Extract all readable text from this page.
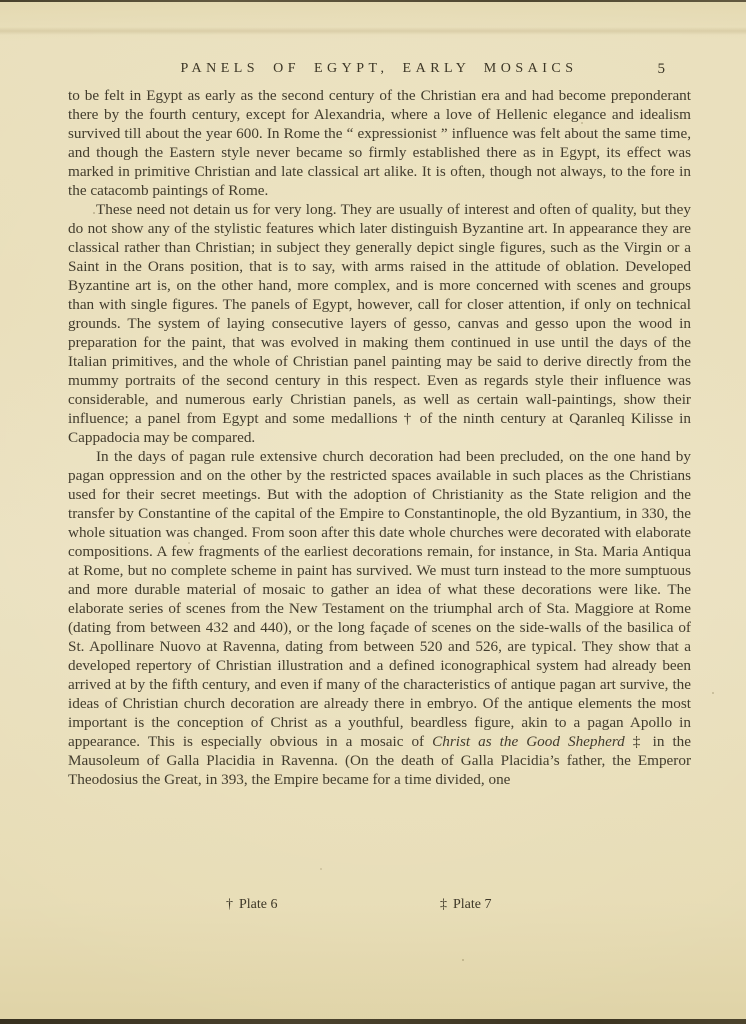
PANELS OF EGYPT, EARLY MOSAICS	5

to be felt in Egypt as early as the second century of the Christian era and had become preponderant there by the fourth century, except for Alexandria, where a love of Hellenic elegance and idealism survived till about the year 600. In Rome the “ expressionist ” influence was felt about the same time, and though the Eastern style never became so firmly established there as in Egypt, its effect was marked in primitive Christian and late classical art alike. It is often, though not always, to the fore in the catacomb paintings of Rome.

These need not detain us for very long. They are usually of interest and often of quality, but they do not show any of the stylistic features which later distinguish Byzantine art. In appearance they are classical rather than Christian; in subject they generally depict single figures, such as the Virgin or a Saint in the Orans position, that is to say, with arms raised in the attitude of oblation. Developed Byzantine art is, on the other hand, more complex, and is more concerned with scenes and groups than with single figures. The panels of Egypt, however, call for closer attention, if only on technical grounds. The system of laying consecutive layers of gesso, canvas and gesso upon the wood in preparation for the paint, that was evolved in making them continued in use until the days of the Italian primitives, and the whole of Christian panel painting may be said to derive directly from the mummy portraits of the second century in this respect. Even as regards style their influence was considerable, and numerous early Christian panels, as well as certain wall-paintings, show their influence; a panel from Egypt and some medallions † of the ninth century at Qaranleq Kilisse in Cappadocia may be compared.

In the days of pagan rule extensive church decoration had been precluded, on the one hand by pagan oppression and on the other by the restricted spaces available in such places as the Christians used for their secret meetings. But with the adoption of Christianity as the State religion and the transfer by Constantine of the capital of the Empire to Constantinople, the old Byzantium, in 330, the whole situation was changed. From soon after this date whole churches were decorated with elaborate compositions. A few fragments of the earliest decorations remain, for instance, in Sta. Maria Antiqua at Rome, but no complete scheme in paint has survived. We must turn instead to the more sumptuous and more durable material of mosaic to gather an idea of what these decorations were like. The elaborate series of scenes from the New Testament on the triumphal arch of Sta. Maggiore at Rome (dating from between 432 and 440), or the long façade of scenes on the side-walls of the basilica of St. Apollinare Nuovo at Ravenna, dating from between 520 and 526, are typical. They show that a developed repertory of Christian illustration and a defined iconographical system had already been arrived at by the fifth century, and even if many of the characteristics of antique pagan art survive, the ideas of Christian church decoration are already there in embryo. Of the antique elements the most important is the conception of Christ as a youthful, beardless figure, akin to a pagan Apollo in appearance. This is especially obvious in a mosaic of Christ as the Good Shepherd ‡ in the Mausoleum of Galla Placidia in Ravenna. (On the death of Galla Placidia’s father, the Emperor Theodosius the Great, in 393, the Empire became for a time divided, one

† Plate 6	‡ Plate 7
